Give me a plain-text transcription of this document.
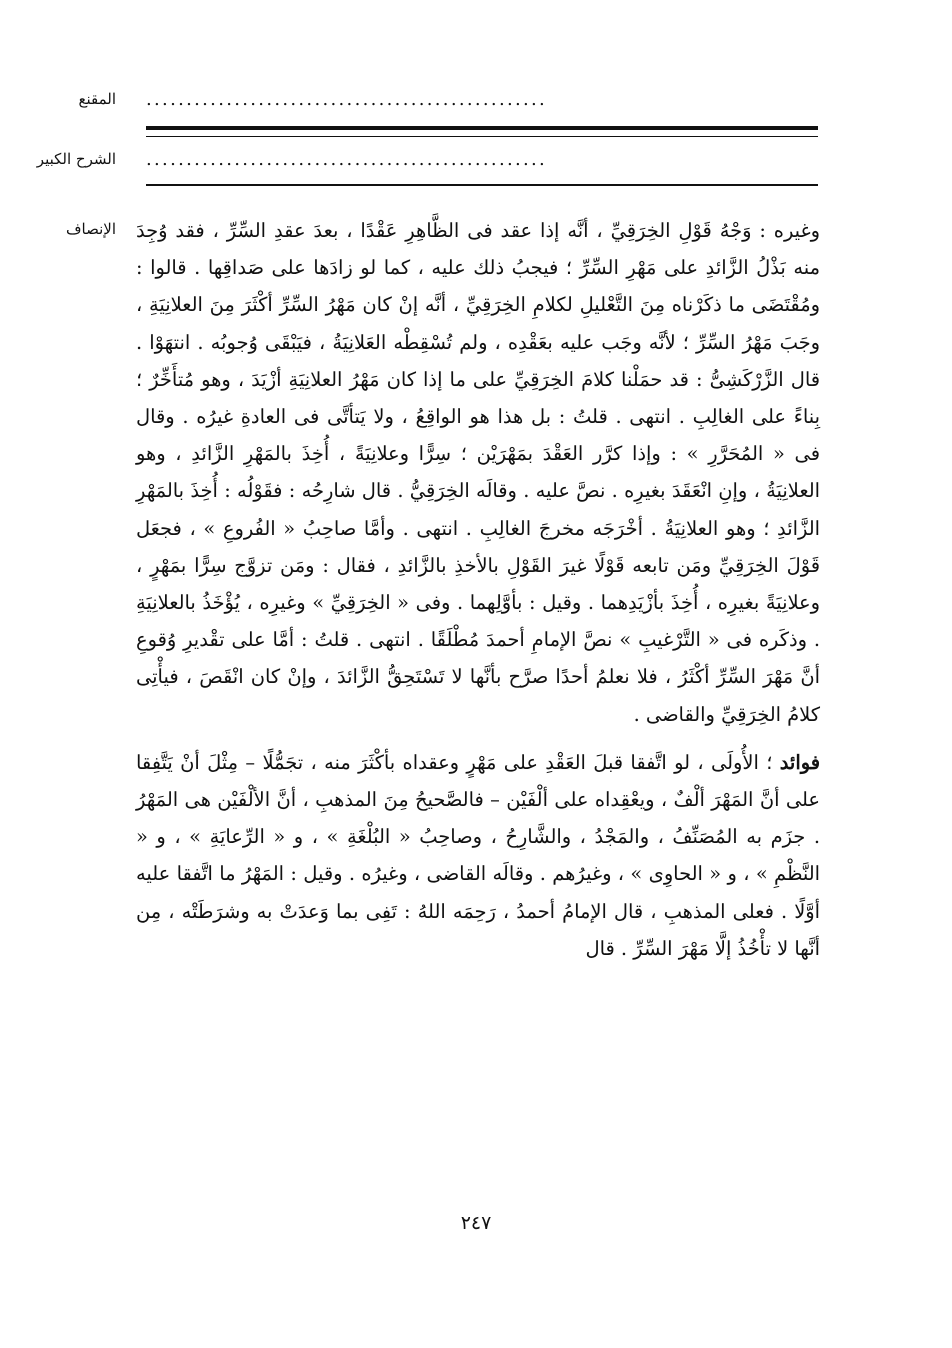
المقنع ..................................................
الشرح الكبير ..................................................
الإنصاف وغيره : وَجْهُ قَوْلِ الخِرَقِيِّ ، أنَّه إذا عقد فى الظَّاهِرِ عَقْدًا ، بعدَ عقدِ السِّرِّ ، فقد وُجِدَ منه بَذْلُ الزَّائدِ على مَهْرِ السِّرِّ ؛ فيجبُ ذلك عليه ، كما لو زادَها على صَداقِها . قالوا : ومُقْتَضَى ما ذكَرْناه مِنَ التَّعْليلِ لكلامِ الخِرَقِيِّ ، أنَّه إنْ كان مَهْرُ السِّرِّ أكْثَرَ مِنَ العلانِيَةِ ، وجَبَ مَهْرُ السِّرِّ ؛ لأنَّه وجَب عليه بعَقْدِه ، ولم تُسْقِطْه العَلانِيَةُ ، فيَبْقَى وُجوبُه . انتهَوْا . قال الزَّرْكَشِىُّ : قد حمَلْنا كلامَ الخِرَقِيِّ على ما إذا كان مَهْرُ العلانِيَةِ أزْيَدَ ، وهو مُتأَخِّرٌ ؛ بِناءً على الغالِبِ . انتهى . قلتُ : بل هذا هو الواقِعُ ، ولا يَتأتَّى فى العادةِ غيرُه . وقال فى « المُحَرَّرِ » : وإذا كرَّر العَقْدَ بمَهْرَيْن ؛ سِرًّا وعلانِيَةً ، أُخِذَ بالمَهْرِ الزَّائدِ ، وهو العلانِيَةُ ، وإنِ انْعَقَدَ بغيرِه . نصَّ عليه . وقالَه الخِرَقِيُّ . قال شارِحُه : فقَوْلُه : أُخِذَ بالمَهْرِ الزَّائدِ ؛ وهو العلانِيَةُ . أخْرَجَه مخرجَ الغالِبِ . انتهى . وأمَّا صاحِبُ « الفُروعِ » ، فجعَل قَوْلَ الخِرَقِيِّ ومَن تابعه قَوْلًا غيرَ القَوْلِ بالأخذِ بالزَّائدِ ، فقال : ومَن تزوَّج سِرًّا بمَهْرٍ ، وعلانِيَةً بغيرِه ، أُخِذَ بأزْيَدِهما . وقيل : بأوَّلِهما . وفى « الخِرَقِيِّ » وغيرِه ، يُؤْخَذُ بالعلانِيَةِ . وذكَره فى « التَّرْغيبِ » نصَّ الإمامِ أحمدَ مُطْلَقًا . انتهى . قلتُ : أمَّا على تقْديرِ وُقوعِ أنَّ مَهْرَ السِّرِّ أكْثَرُ ، فلا نعلمُ أحدًا صرَّح بأنَّها لا تَسْتَحِقُّ الزَّائدَ ، وإنْ كان انْقَصَ ، فيأْتِى كلامُ الخِرَقِيِّ والقاضى .

فوائد ؛ الأُولَى ، لو اتَّفقا قبلَ العَقْدِ على مَهْرٍ وعقداه بأكْثَرَ منه ، تجَمُّلًا – مِثْلَ أنْ يَتَّفِقا على أنَّ المَهْرَ ألْفٌ ، ويعْقِداه على ألْفَيْن – فالصَّحيحُ مِنَ المذهبِ ، أنَّ الألْفَيْن هى المَهْرُ . جزَم به المُصَنِّفُ ، والمَجْدُ ، والشَّارِحُ ، وصاحِبُ « البُلْغَةِ » ، و « الرِّعايَةِ » ، و « النَّظْمِ » ، و « الحاوِى » ، وغيرُهم . وقالَه القاضى ، وغيرُه . وقيل : المَهْرُ ما اتَّفقا عليه أوَّلًا . فعلى المذهبِ ، قال الإمامُ أحمدُ ، رَحِمَه اللهُ : تَفِى بما وَعدَتْ به وشرَطَتْه ، مِن أنَّها لا تأْخُذُ إلَّا مَهْرَ السِّرِّ . قال

٢٤٧
